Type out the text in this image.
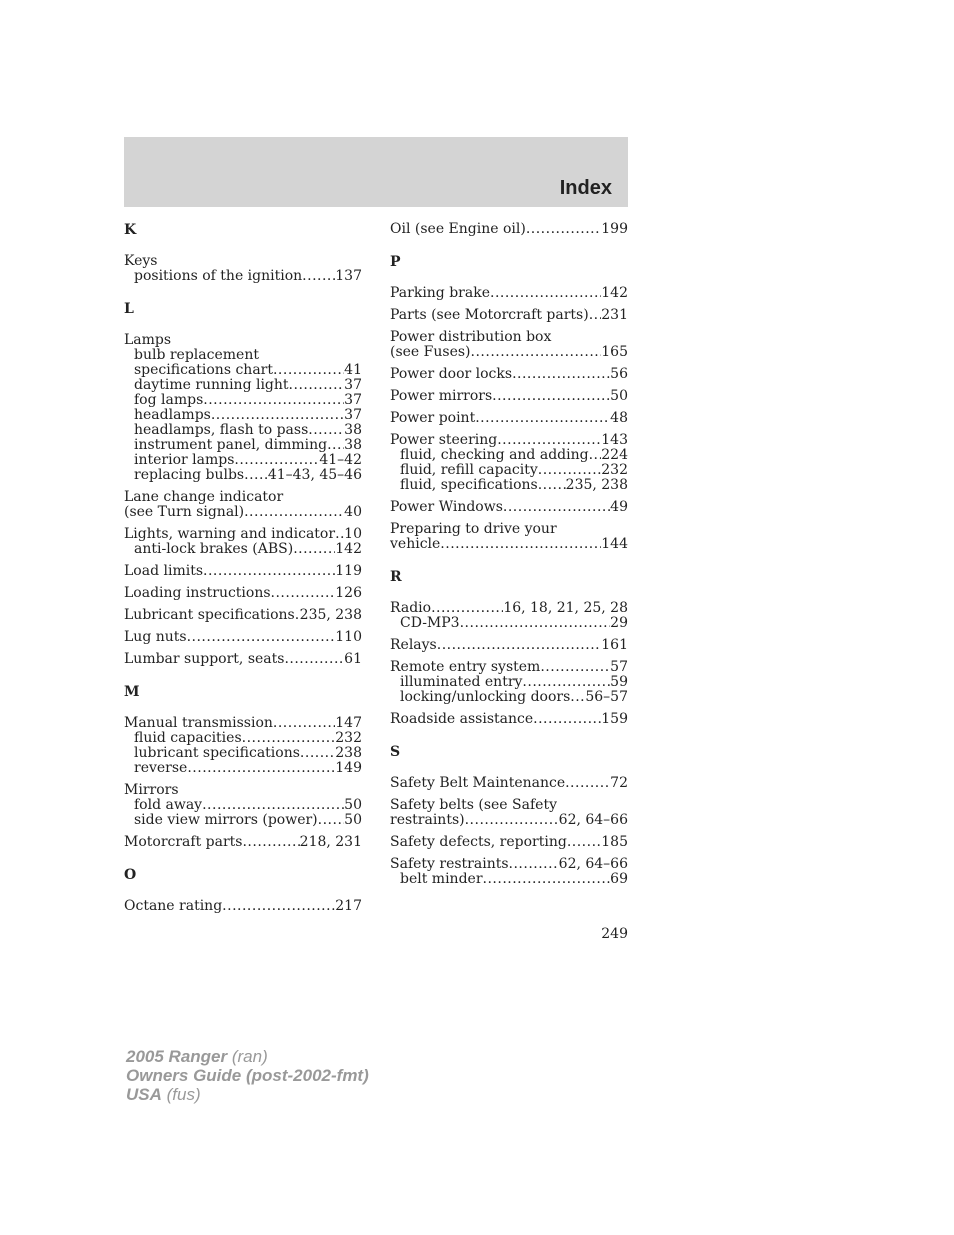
Index
K
Keys
positions of the ignition ..... 137
L
Lamps
bulb replacement
specifications chart .....	41
daytime running light .....	37
fog lamps .....	37
headlamps .....	37
headlamps, flash to pass .....	38
instrument panel, dimming ..... 38
interior lamps .....	41–42
replacing bulbs ..... 41–43, 45–46
Lane change indicator
(see Turn signal) .....	40
Lights, warning and indicator ..... 10
anti-lock brakes (ABS) .....	142
Load limits .....	119
Loading instructions .....	126
Lubricant specifications ..... 235, 238
Lug nuts .....	110
Lumbar support, seats .....	61
M
Manual transmission .....	147
fluid capacities .....	232
lubricant specifications .....	238
reverse .....	149
Mirrors
fold away .....	50
side view mirrors (power) ..... 50
Motorcraft parts .....	218, 231
O
Octane rating .....	217
Oil (see Engine oil) .....	199
P
Parking brake .....	142
Parts (see Motorcraft parts) ..... 231
Power distribution box
(see Fuses) .....	165
Power door locks .....	56
Power mirrors .....	50
Power point .....	48
Power steering .....	143
fluid, checking and adding ..... 224
fluid, refill capacity .....	232
fluid, specifications ..... 235, 238
Power Windows .....	49
Preparing to drive your
vehicle .....	144
R
Radio .....	16, 18, 21, 25, 28
CD-MP3 .....	29
Relays .....	161
Remote entry system .....	57
illuminated entry .....	59
locking/unlocking doors ..... 56–57
Roadside assistance .....	159
S
Safety Belt Maintenance .....	72
Safety belts (see Safety
restraints) .....	62, 64–66
Safety defects, reporting ..... 185
Safety restraints .....	62, 64–66
belt minder .....	69
249
2005 Ranger (ran)
Owners Guide (post-2002-fmt)
USA (fus)
